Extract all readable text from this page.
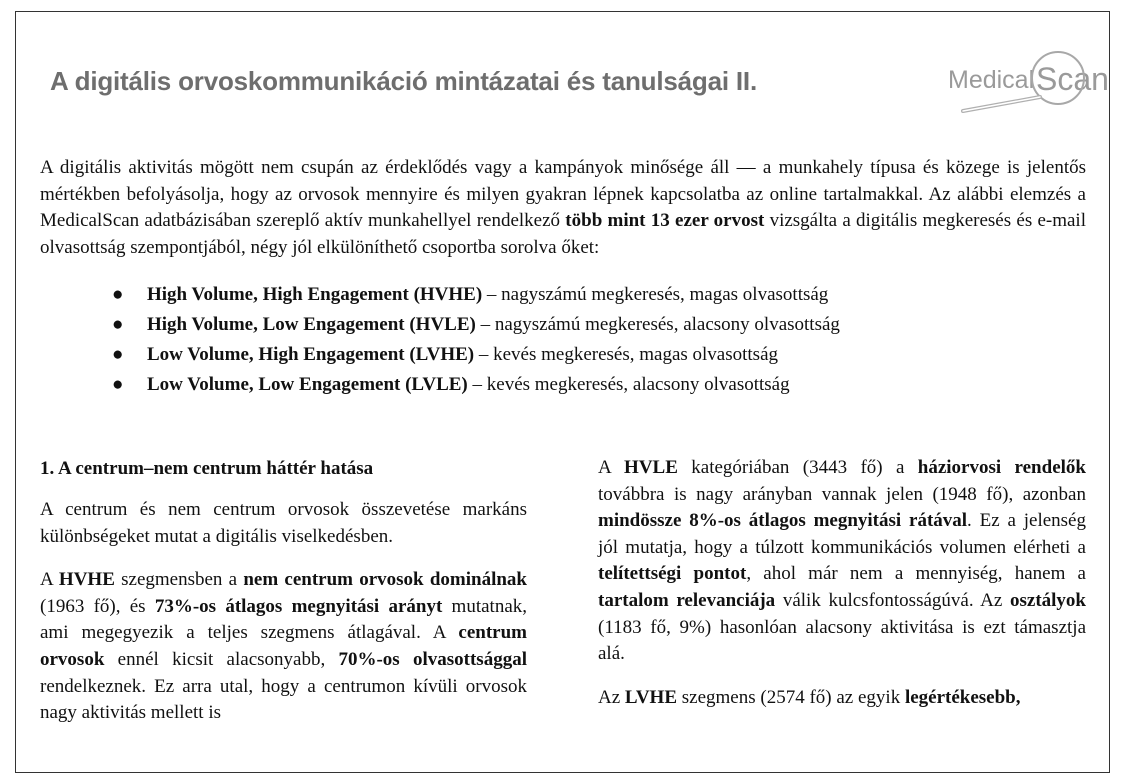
A digitális orvoskommunikáció mintázatai és tanulságai II.	Medical Scan

A digitális aktivitás mögött nem csupán az érdeklődés vagy a kampányok minősége áll — a munkahely típusa és közege is jelentős mértékben befolyásolja, hogy az orvosok mennyire és milyen gyakran lépnek kapcsolatba az online tartalmakkal. Az alábbi elemzés a MedicalScan adatbázisában szereplő aktív munkahellyel rendelkező több mint 13 ezer orvost vizsgálta a digitális megkeresés és e-mail olvasottság szempontjából, négy jól elkülöníthető csoportba sorolva őket:

● High Volume, High Engagement (HVHE) – nagyszámú megkeresés, magas olvasottság
● High Volume, Low Engagement (HVLE) – nagyszámú megkeresés, alacsony olvasottság
● Low Volume, High Engagement (LVHE) – kevés megkeresés, magas olvasottság
● Low Volume, Low Engagement (LVLE) – kevés megkeresés, alacsony olvasottság
1. A centrum–nem centrum háttér hatása

A centrum és nem centrum orvosok összevetése markáns különbségeket mutat a digitális viselkedésben.

A HVHE szegmensben a nem centrum orvosok dominálnak (1963 fő), és 73%-os átlagos megnyitási arányt mutatnak, ami megegyezik a teljes szegmens átlagával. A centrum orvosok ennél kicsit alacsonyabb, 70%-os olvasottsággal rendelkeznek. Ez arra utal, hogy a centrumon kívüli orvosok nagy aktivitás mellett is

A HVLE kategóriában (3443 fő) a háziorvosi rendelők továbbra is nagy arányban vannak jelen (1948 fő), azonban mindössze 8%-os átlagos megnyitási rátával. Ez a jelenség jól mutatja, hogy a túlzott kommunikációs volumen elérheti a telítettségi pontot, ahol már nem a mennyiség, hanem a tartalom relevanciája válik kulcsfontosságúvá. Az osztályok (1183 fő, 9%) hasonlóan alacsony aktivitása is ezt támasztja alá.

Az LVHE szegmens (2574 fő) az egyik legértékesebb,
